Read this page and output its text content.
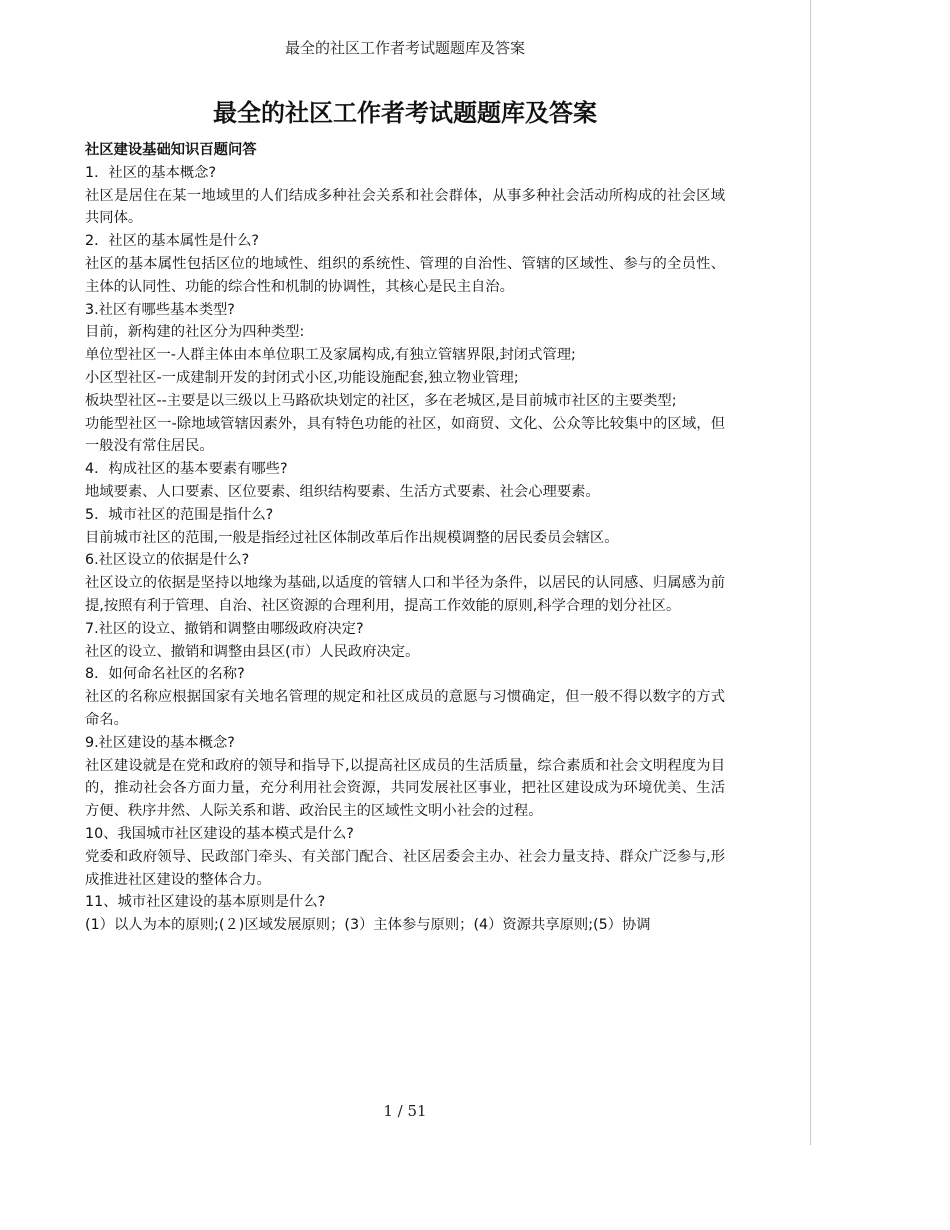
最全的社区工作者考试题题库及答案
最全的社区工作者考试题题库及答案

社区建设基础知识百题问答

1．社区的基本概念?

社区是居住在某一地域里的人们结成多种社会关系和社会群体，从事多种社会活动所构成的社会区域共同体。

2．社区的基本属性是什么?

社区的基本属性包括区位的地域性、组织的系统性、管理的自治性、管辖的区域性、参与的全员性、主体的认同性、功能的综合性和机制的协调性，其核心是民主自治。

3.社区有哪些基本类型?

目前，新构建的社区分为四种类型:

单位型社区一-人群主体由本单位职工及家属构成,有独立管辖界限,封闭式管理;

小区型社区-一成建制开发的封闭式小区,功能设施配套,独立物业管理;

板块型社区--主要是以三级以上马路砍块划定的社区，多在老城区,是目前城市社区的主要类型;

功能型社区一-除地域管辖因素外，具有特色功能的社区，如商贸、文化、公众等比较集中的区域，但一般没有常住居民。

4．构成社区的基本要素有哪些?

地域要素、人口要素、区位要素、组织结构要素、生活方式要素、社会心理要素。

5．城市社区的范围是指什么?

目前城市社区的范围,一般是指经过社区体制改革后作出规模调整的居民委员会辖区。

6.社区设立的依据是什么?

社区设立的依据是坚持以地缘为基础,以适度的管辖人口和半径为条件，以居民的认同感、归属感为前提,按照有利于管理、自治、社区资源的合理利用，提高工作效能的原则,科学合理的划分社区。

7.社区的设立、撤销和调整由哪级政府决定?

社区的设立、撤销和调整由县区(市）人民政府决定。

8．如何命名社区的名称?

社区的名称应根据国家有关地名管理的规定和社区成员的意愿与习惯确定，但一般不得以数字的方式命名。

9.社区建设的基本概念?

社区建设就是在党和政府的领导和指导下,以提高社区成员的生活质量，综合素质和社会文明程度为目的，推动社会各方面力量，充分利用社会资源，共同发展社区事业，把社区建设成为环境优美、生活方便、秩序井然、人际关系和谐、政治民主的区域性文明小社会的过程。

10、我国城市社区建设的基本模式是什么?

党委和政府领导、民政部门牵头、有关部门配合、社区居委会主办、社会力量支持、群众广泛参与,形成推进社区建设的整体合力。

11、城市社区建设的基本原则是什么?

(1）以人为本的原则;(２)区域发展原则；(3）主体参与原则；(4）资源共享原则;(5）协调

1 / 51
